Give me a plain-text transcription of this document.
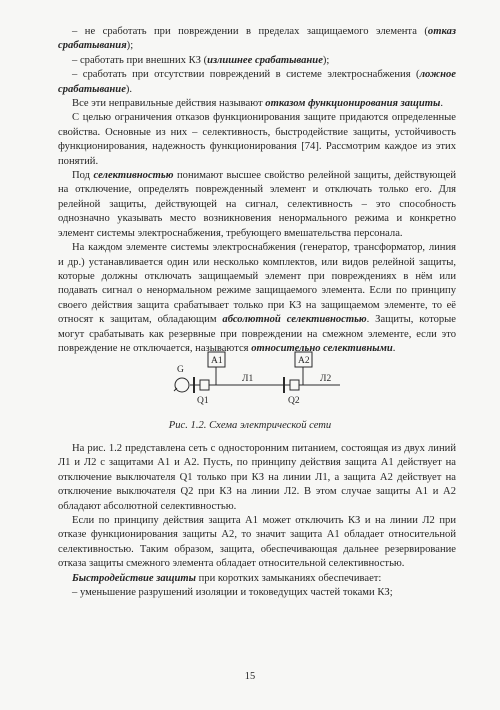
– не сработать при повреждении в пределах защищаемого элемента (отказ срабатывания);

– сработать при внешних КЗ (излишнее срабатывание);

– сработать при отсутствии повреждений в системе электроснабжения (ложное срабатывание).

Все эти неправильные действия называют отказом функционирования защиты.

С целью ограничения отказов функционирования защите придаются определенные свойства. Основные из них – селективность, быстродействие защиты, устойчивость функционирования, надежность функционирования [74]. Рассмотрим каждое из этих понятий.

Под селективностью понимают высшее свойство релейной защиты, действующей на отключение, определять поврежденный элемент и отключать только его. Для релейной защиты, действующей на сигнал, селективность – это способность однозначно указывать место возникновения ненормального режима и конкретно элемент системы электроснабжения, требующего вмешательства персонала.

На каждом элементе системы электроснабжения (генератор, трансформатор, линия и др.) устанавливается один или несколько комплектов, или видов релейной защиты, которые должны отключать защищаемый элемент при повреждениях в нём или подавать сигнал о ненормальном режиме защищаемого элемента. Если по принципу своего действия защита срабатывает только при КЗ на защищаемом элементе, то её относят к защитам, обладающим абсолютной селективностью. Защиты, которые могут срабатывать как резервные при повреждении на смежном элементе, если это повреждение не отключается, называются относительно селективными.

G
A1	A2
Q1	Q2
Л1	Л2
Рис. 1.2. Схема электрической сети

На рис. 1.2 представлена сеть с односторонним питанием, состоящая из двух линий Л1 и Л2 с защитами А1 и А2. Пусть, по принципу действия защита А1 действует на отключение выключателя Q1 только при КЗ на линии Л1, а защита А2 действует на отключение выключателя Q2 при КЗ на линии Л2. В этом случае защиты А1 и А2 обладают абсолютной селективностью.

Если по принципу действия защита А1 может отключить КЗ и на линии Л2 при отказе функционирования защиты А2, то значит защита А1 обладает относительной селективностью. Таким образом, защита, обеспечивающая дальнее резервирование отказа защиты смежного элемента обладает относительной селективностью.

Быстродействие защиты при коротких замыканиях обеспечивает:

– уменьшение разрушений изоляции и токоведущих частей токами КЗ;

15
